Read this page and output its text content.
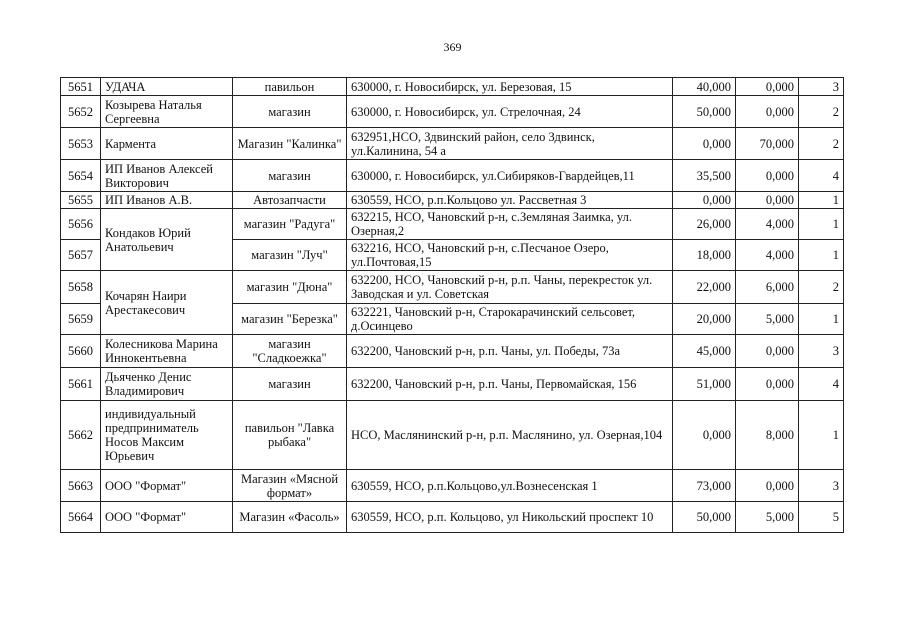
369
5651	УДАЧА	павильон	630000, г. Новосибирск, ул. Березовая, 15	40,000	0,000	3
5652	Козырева Наталья Сергеевна	магазин	630000, г. Новосибирск, ул. Стрелочная, 24	50,000	0,000	2
5653	Кармента	Магазин "Калинка"	632951,НСО, Здвинский район, село Здвинск, ул.Калинина, 54 а	0,000	70,000	2
5654	ИП Иванов Алексей Викторович	магазин	630000, г. Новосибирск, ул.Сибиряков-Гвардейцев,11	35,500	0,000	4
5655	ИП Иванов А.В.	Автозапчасти	630559, НСО, р.п.Кольцово ул. Рассветная 3	0,000	0,000	1
5656	Кондаков Юрий Анатольевич	магазин "Радуга"	632215, НСО, Чановский р-н, с.Земляная Заимка, ул. Озерная,2	26,000	4,000	1
5657		магазин "Луч"	632216, НСО, Чановский р-н, с.Песчаное Озеро, ул.Почтовая,15	18,000	4,000	1
5658	Кочарян Наири Арестакесович	магазин "Дюна"	632200, НСО, Чановский р-н, р.п. Чаны, перекресток ул. Заводская и ул. Советская	22,000	6,000	2
5659		магазин "Березка"	632221, Чановский р-н, Старокарачинский сельсовет, д.Осинцево	20,000	5,000	1
5660	Колесникова Марина Иннокентьевна	магазин "Сладкоежка"	632200, Чановский р-н, р.п. Чаны, ул. Победы, 73а	45,000	0,000	3
5661	Дьяченко Денис Владимирович	магазин	632200, Чановский р-н, р.п. Чаны, Первомайская, 156	51,000	0,000	4
5662	индивидуальный предприниматель Носов Максим Юрьевич	павильон "Лавка рыбака"	НСО, Маслянинский р-н, р.п. Маслянино, ул. Озерная,104	0,000	8,000	1
5663	ООО "Формат"	Магазин «Мясной формат»	630559, НСО, р.п.Кольцово,ул.Вознесенская 1	73,000	0,000	3
5664	ООО "Формат"	Магазин «Фасоль»	630559, НСО, р.п. Кольцово, ул Никольский проспект 10	50,000	5,000	5
